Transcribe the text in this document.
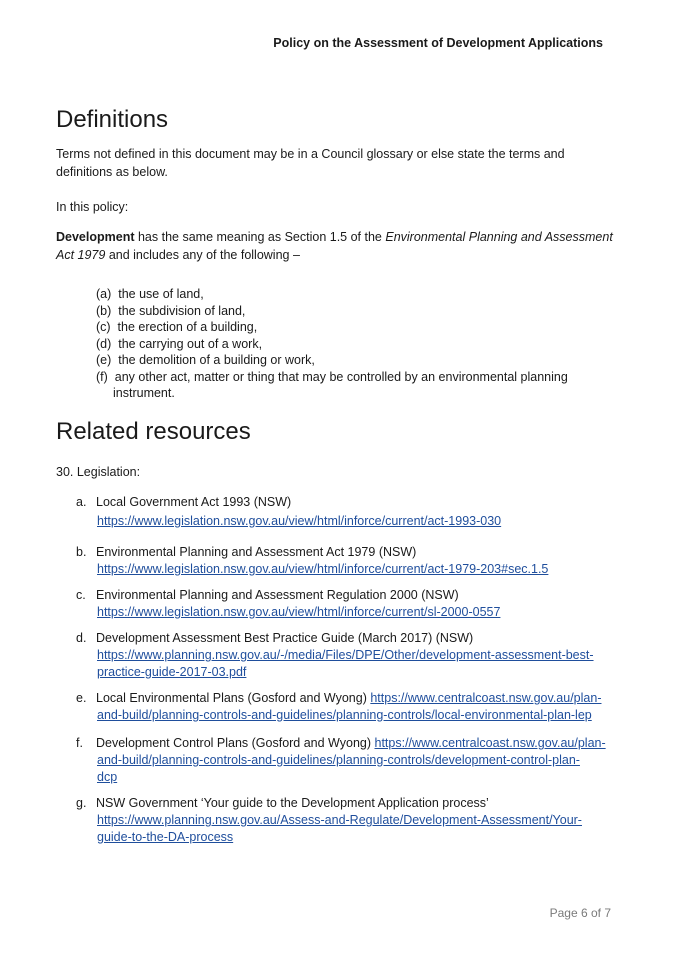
Policy on the Assessment of Development Applications
Definitions

Terms not defined in this document may be in a Council glossary or else state the terms and definitions as below.

In this policy:

Development has the same meaning as Section 1.5 of the Environmental Planning and Assessment Act 1979 and includes any of the following –

(a) the use of land,
(b) the subdivision of land,
(c) the erection of a building,
(d) the carrying out of a work,
(e) the demolition of a building or work,
(f) any other act, matter or thing that may be controlled by an environmental planning
instrument.
Related resources

30. Legislation:

a. Local Government Act 1993 (NSW)
https://www.legislation.nsw.gov.au/view/html/inforce/current/act-1993-030
b. Environmental Planning and Assessment Act 1979 (NSW)
https://www.legislation.nsw.gov.au/view/html/inforce/current/act-1979-203#sec.1.5
c. Environmental Planning and Assessment Regulation 2000 (NSW)
https://www.legislation.nsw.gov.au/view/html/inforce/current/sl-2000-0557
d. Development Assessment Best Practice Guide (March 2017) (NSW)
https://www.planning.nsw.gov.au/-/media/Files/DPE/Other/development-assessment-best-
practice-guide-2017-03.pdf
e. Local Environmental Plans (Gosford and Wyong) https://www.centralcoast.nsw.gov.au/plan-
and-build/planning-controls-and-guidelines/planning-controls/local-environmental-plan-lep
f. Development Control Plans (Gosford and Wyong) https://www.centralcoast.nsw.gov.au/plan-
and-build/planning-controls-and-guidelines/planning-controls/development-control-plan-
dcp
g. NSW Government ‘Your guide to the Development Application process’
https://www.planning.nsw.gov.au/Assess-and-Regulate/Development-Assessment/Your-
guide-to-the-DA-process
Page 6 of 7
